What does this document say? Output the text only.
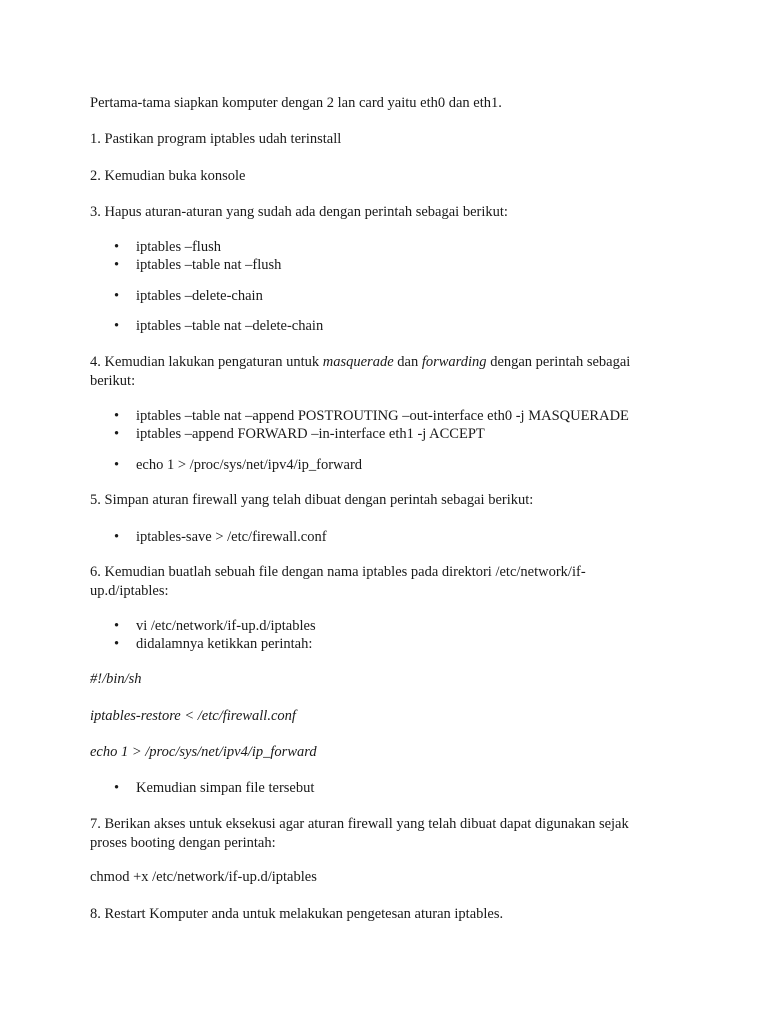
Pertama-tama siapkan komputer dengan 2 lan card yaitu eth0 dan eth1.

1. Pastikan program iptables udah terinstall

2. Kemudian buka konsole

3. Hapus aturan-aturan yang sudah ada dengan perintah sebagai berikut:

• iptables –flush

• iptables –table nat –flush

• iptables –delete-chain

• iptables –table nat –delete-chain

4. Kemudian lakukan pengaturan untuk masquerade dan forwarding dengan perintah sebagai
berikut:

• iptables –table nat –append POSTROUTING –out-interface eth0 -j MASQUERADE

• iptables –append FORWARD –in-interface eth1 -j ACCEPT

• echo 1 > /proc/sys/net/ipv4/ip_forward

5. Simpan aturan firewall yang telah dibuat dengan perintah sebagai berikut:

• iptables-save > /etc/firewall.conf

6. Kemudian buatlah sebuah file dengan nama iptables pada direktori /etc/network/if-
up.d/iptables:

• vi /etc/network/if-up.d/iptables

• didalamnya ketikkan perintah:

#!/bin/sh

iptables-restore < /etc/firewall.conf

echo 1 > /proc/sys/net/ipv4/ip_forward

• Kemudian simpan file tersebut

7. Berikan akses untuk eksekusi agar aturan firewall yang telah dibuat dapat digunakan sejak
proses booting dengan perintah:

chmod +x /etc/network/if-up.d/iptables

8. Restart Komputer anda untuk melakukan pengetesan aturan iptables.
